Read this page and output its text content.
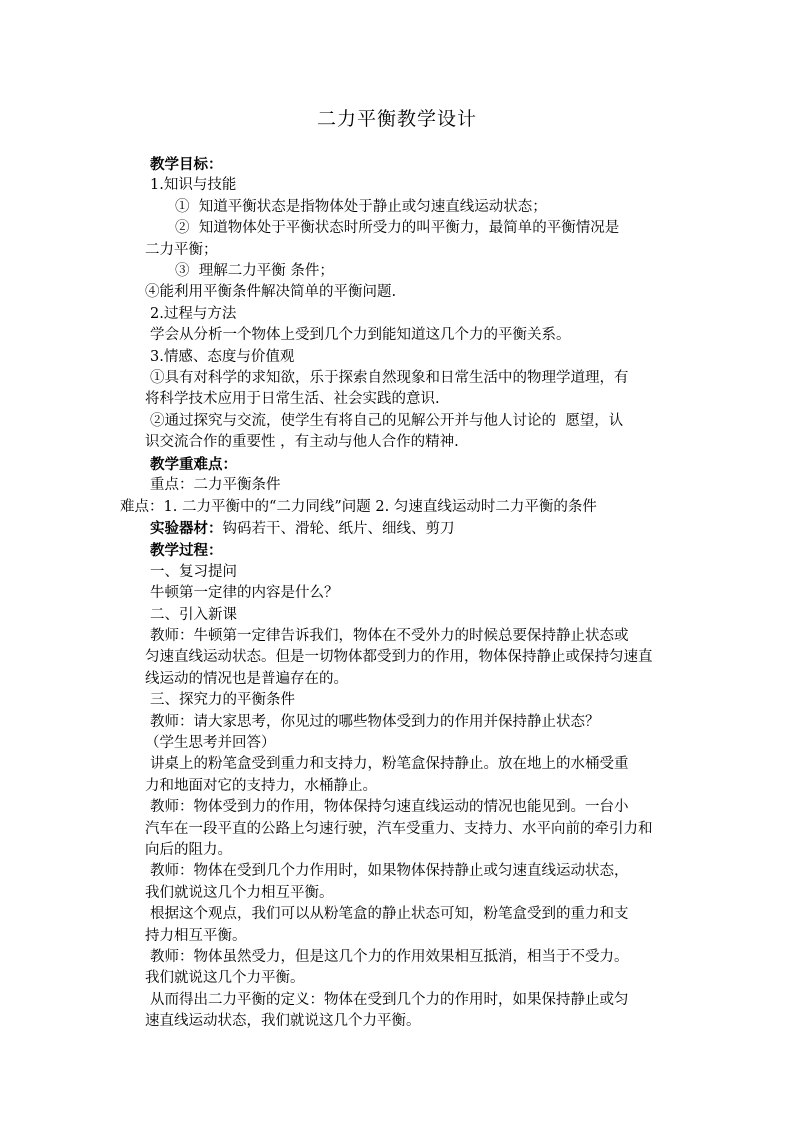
二力平衡教学设计

教学目标：

1.知识与技能

①  知道平衡状态是指物体处于静止或匀速直线运动状态；

②  知道物体处于平衡状态时所受力的叫平衡力，最简单的平衡情况是

二力平衡；

③  理解二力平衡 条件；

④能利用平衡条件解决简单的平衡问题.

2.过程与方法

学会从分析一个物体上受到几个力到能知道这几个力的平衡关系。

3.情感、态度与价值观

①具有对科学的求知欲，乐于探索自然现象和日常生活中的物理学道理，有

将科学技术应用于日常生活、社会实践的意识.

②通过探究与交流，使学生有将自己的见解公开并与他人讨论的  愿望，认

识交流合作的重要性 ，有主动与他人合作的精神.

教学重难点：

重点：二力平衡条件

难点：1. 二力平衡中的“二力同线”问题 2. 匀速直线运动时二力平衡的条件

实验器材：钩码若干、滑轮、纸片、细线、剪刀

教学过程：

一、复习提问

牛顿第一定律的内容是什么？

二、引入新课

教师：牛顿第一定律告诉我们，物体在不受外力的时候总要保持静止状态或

匀速直线运动状态。但是一切物体都受到力的作用，物体保持静止或保持匀速直

线运动的情况也是普遍存在的。

三、探究力的平衡条件

教师：请大家思考，你见过的哪些物体受到力的作用并保持静止状态？

（学生思考并回答）

讲桌上的粉笔盒受到重力和支持力，粉笔盒保持静止。放在地上的水桶受重

力和地面对它的支持力，水桶静止。

教师：物体受到力的作用，物体保持匀速直线运动的情况也能见到。一台小

汽车在一段平直的公路上匀速行驶，汽车受重力、支持力、水平向前的牵引力和

向后的阻力。

教师：物体在受到几个力作用时，如果物体保持静止或匀速直线运动状态，

我们就说这几个力相互平衡。

根据这个观点，我们可以从粉笔盒的静止状态可知，粉笔盒受到的重力和支

持力相互平衡。

教师：物体虽然受力，但是这几个力的作用效果相互抵消，相当于不受力。

我们就说这几个力平衡。

从而得出二力平衡的定义：物体在受到几个力的作用时，如果保持静止或匀

速直线运动状态，我们就说这几个力平衡。
